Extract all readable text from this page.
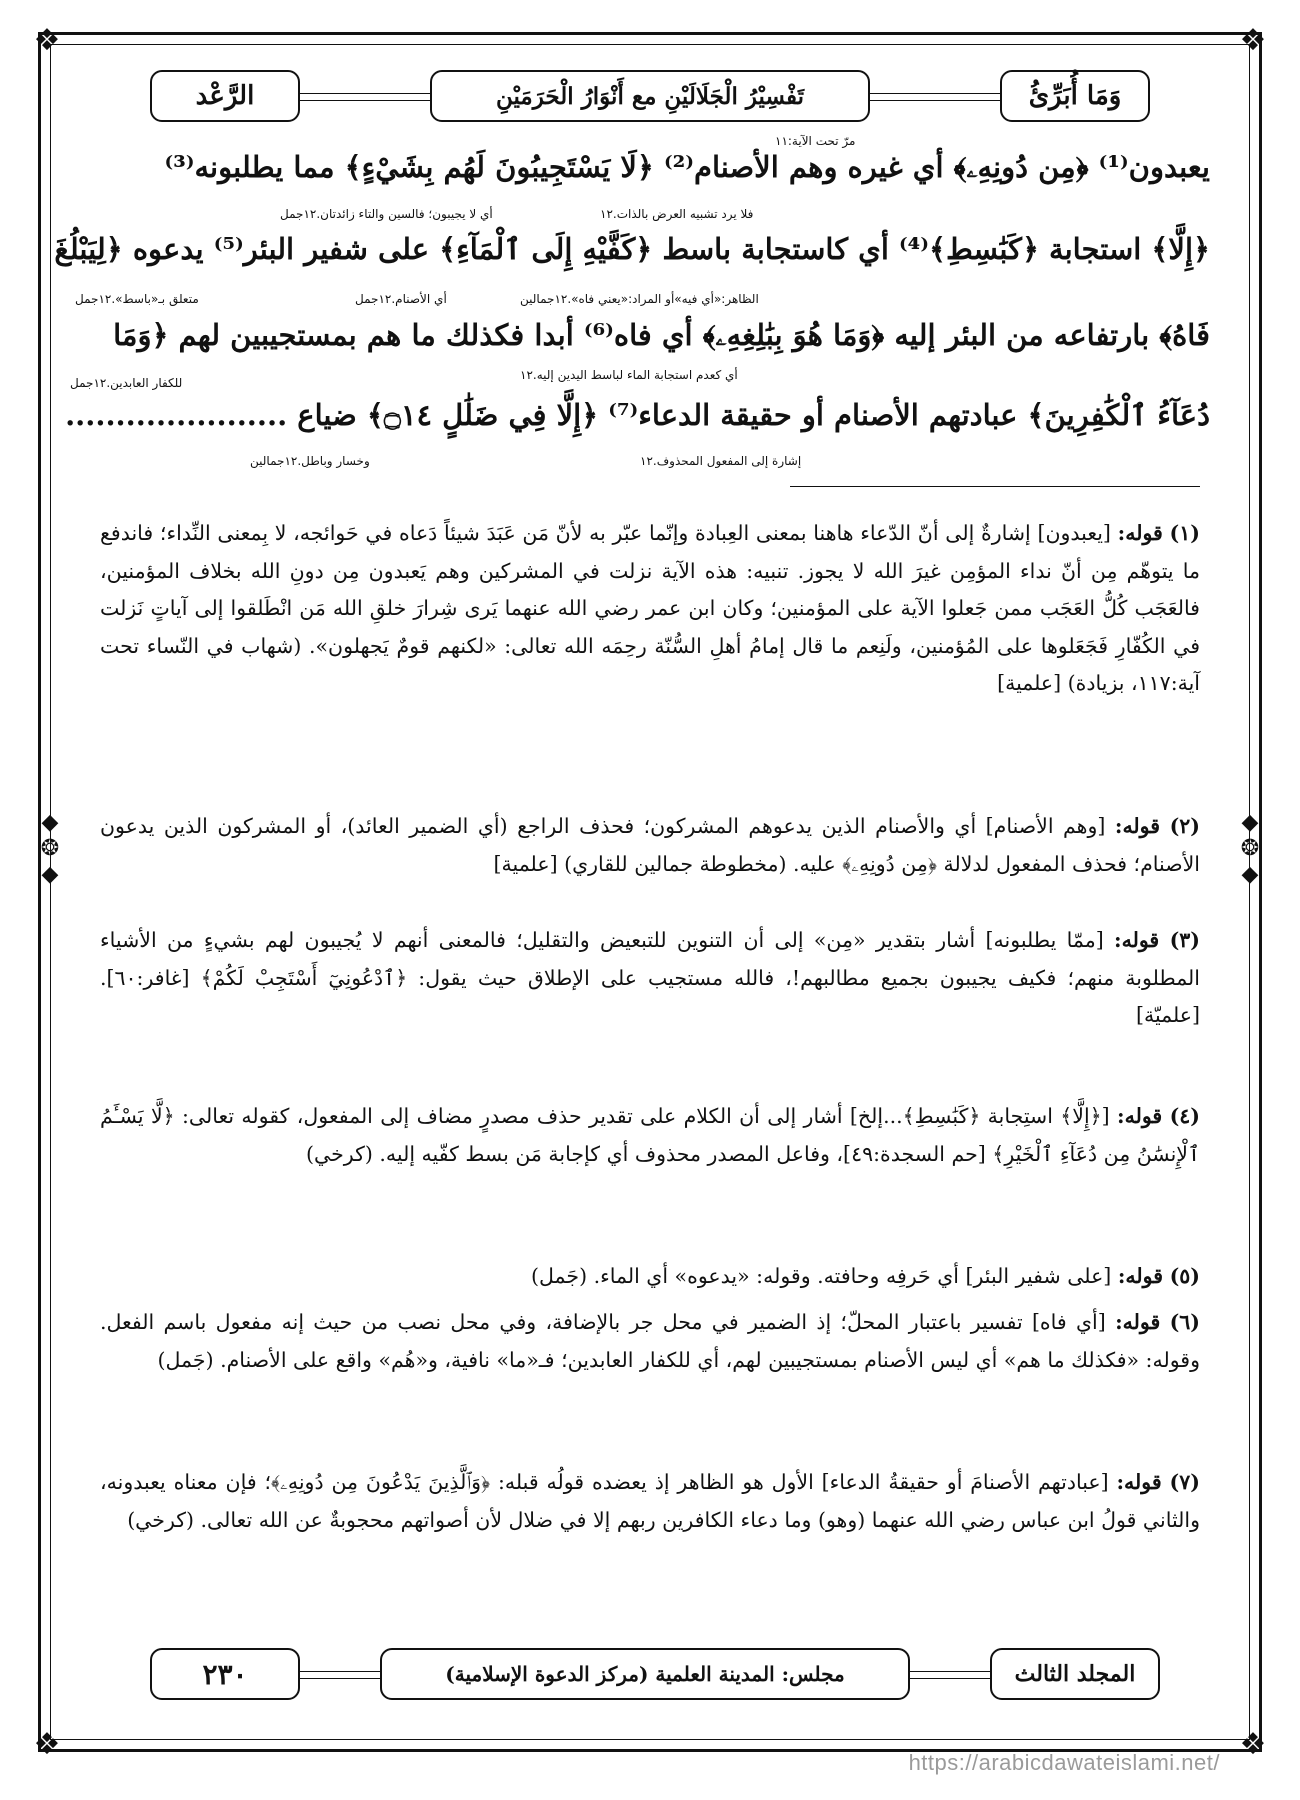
❖	❖
❖	❖
◆
❂
◆
◆
❂
◆
وَمَا أُبَرِّئُ
تَفْسِيْرُ الْجَلَالَيْنِ مع أَنْوَارُ الْحَرَمَيْنِ
الرَّعْد
مرّ تحت الآية:١١
يعبدون⁽¹⁾ ﴿مِن دُونِهِۦ﴾ أي غيره وهم الأصنام⁽²⁾ ﴿لَا يَسْتَجِيبُونَ لَهُم بِشَيْءٍ﴾ مما يطلبونه⁽³⁾
فلا يرد تشبيه العرض بالذات.١٢
أي لا يجيبون؛ فالسين والتاء زائدتان.١٢جمل
﴿إِلَّا﴾ استجابة ﴿كَبَٰسِطِ﴾⁽⁴⁾ أي كاستجابة باسط ﴿كَفَّيْهِ إِلَى ٱلْمَآءِ﴾ على شفير البئر⁽⁵⁾ يدعوه ﴿لِيَبْلُغَ
الظاهر:«أي فيه»أو المراد:«يعني فاه».١٢جمالين
أي الأصنام.١٢جمل
متعلق بـ«باسط».١٢جمل
فَاهُ﴾ بارتفاعه من البئر إليه ﴿وَمَا هُوَ بِبَٰلِغِهِۦ﴾ أي فاه⁽⁶⁾ أبدا فكذلك ما هم بمستجيبين لهم ﴿وَمَا
أي كعدم استجابة الماء لباسط اليدين إليه.١٢
للكفار العابدين.١٢جمل
دُعَآءُ ٱلْكَٰفِرِينَ﴾ عبادتهم الأصنام أو حقيقة الدعاء⁽⁷⁾ ﴿إِلَّا فِي ضَلَٰلٍ ۝١٤﴾ ضياع ......................
إشارة إلى المفعول المحذوف.١٢
وخسار وباطل.١٢جمالين
(١) قوله: [يعبدون] إشارةٌ إلى أنّ الدّعاء هاهنا بمعنى العِبادة وإنّما عبّر به لأنّ مَن عَبَدَ شيئاً دَعاه في حَوائجه، لا بِمعنى النِّداء؛ فاندفع ما يتوهّم مِن أنّ نداء المؤمِن غيرَ الله لا يجوز. تنبيه: هذه الآية نزلت في المشركين وهم يَعبدون مِن دونِ الله بخلاف المؤمنين، فالعَجَب كُلُّ العَجَب ممن جَعلوا الآية على المؤمنين؛ وكان ابن عمر رضي الله عنهما يَرى شِرارَ خلقِ الله مَن انْطَلقوا إلى آياتٍ نَزلت في الكُفّارِ فَجَعَلوها على المُؤمنين، ولَنِعم ما قال إمامُ أهلِ السُّنّة رحِمَه الله تعالى: «لكنهم قومٌ يَجهلون». (شهاب في النّساء تحت آية:١١٧، بزيادة) [علمية]
(٢) قوله: [وهم الأصنام] أي والأصنام الذين يدعوهم المشركون؛ فحذف الراجع (أي الضمير العائد)، أو المشركون الذين يدعون الأصنام؛ فحذف المفعول لدلالة ﴿مِن دُونِهِۦ﴾ عليه. (مخطوطة جمالين للقاري) [علمية]
(٣) قوله: [ممّا يطلبونه] أشار بتقدير «مِن» إلى أن التنوين للتبعيض والتقليل؛ فالمعنى أنهم لا يُجيبون لهم بشيءٍ من الأشياء المطلوبة منهم؛ فكيف يجيبون بجميع مطالبهم!، فالله مستجيب على الإطلاق حيث يقول: ﴿ٱدْعُونِيٓ أَسْتَجِبْ لَكُمْ﴾ [غافر:٦٠]. [علميّة]
(٤) قوله: [﴿إِلَّا﴾ استِجابة ﴿كَبَٰسِطِ﴾...إلخ] أشار إلى أن الكلام على تقدير حذف مصدرٍ مضاف إلى المفعول، كقوله تعالى: ﴿لَّا يَسْـَٔمُ ٱلْإِنسَٰنُ مِن دُعَآءِ ٱلْخَيْرِ﴾ [حم السجدة:٤٩]، وفاعل المصدر محذوف أي كإجابة مَن بسط كفّيه إليه. (كرخي)
(٥) قوله: [على شفير البئر] أي حَرفِه وحافته. وقوله: «يدعوه» أي الماء. (جَمل)
(٦) قوله: [أي فاه] تفسير باعتبار المحلّ؛ إذ الضمير في محل جر بالإضافة، وفي محل نصب من حيث إنه مفعول باسم الفعل. وقوله: «فكذلك ما هم» أي ليس الأصنام بمستجيبين لهم، أي للكفار العابدين؛ فـ«ما» نافية، و«هُم» واقع على الأصنام. (جَمل)
(٧) قوله: [عبادتهم الأصنامَ أو حقيقةُ الدعاء] الأول هو الظاهر إذ يعضده قولُه قبله: ﴿وَٱلَّذِينَ يَدْعُونَ مِن دُونِهِۦ﴾؛ فإن معناه يعبدونه، والثاني قولُ ابن عباس رضي الله عنهما (وهو) وما دعاء الكافرين ربهم إلا في ضلال لأن أصواتهم محجوبةٌ عن الله تعالى. (كرخي)
المجلد الثالث
مجلس: المدينة العلمية (مركز الدعوة الإسلامية)
٢٣٠
https://arabicdawateislami.net/
